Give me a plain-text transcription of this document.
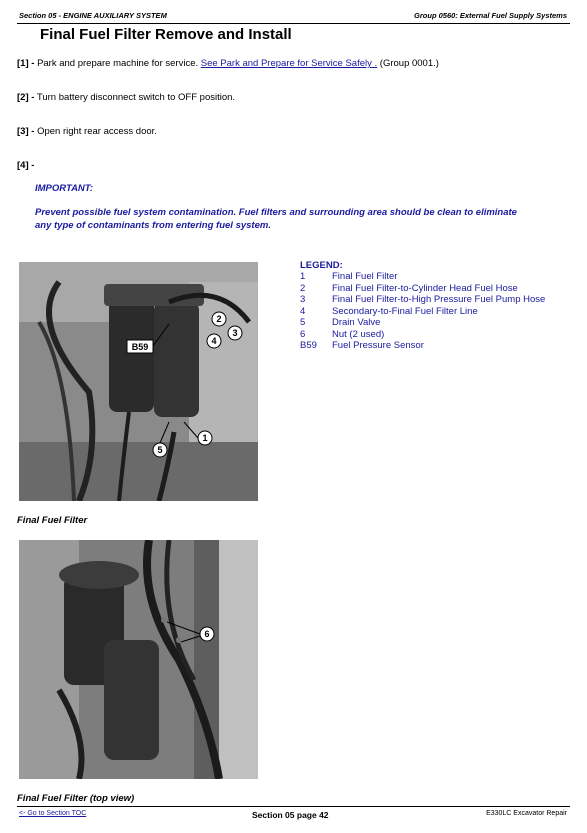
Section 05 - ENGINE AUXILIARY SYSTEM	Group 0560: External Fuel Supply Systems
Final Fuel Filter Remove and Install
[1] - Park and prepare machine for service. See Park and Prepare for Service Safely . (Group 0001.)
[2] - Turn battery disconnect switch to OFF position.
[3] - Open right rear access door.
[4] -
IMPORTANT:
Prevent possible fuel system contamination. Fuel filters and surrounding area should be clean to eliminate any type of contaminants from entering fuel system.
B59
2
3
4
1
5
LEGEND:
1	Final Fuel Filter
2	Final Fuel Filter-to-Cylinder Head Fuel Hose
3	Final Fuel Filter-to-High Pressure Fuel Pump Hose
4	Secondary-to-Final Fuel Filter Line
5	Drain Valve
6	Nut (2 used)
B59	Fuel Pressure Sensor
Final Fuel Filter
6
Final Fuel Filter (top view)
<- Go to Section TOC	Section 05 page 42	E330LC Excavator Repair
